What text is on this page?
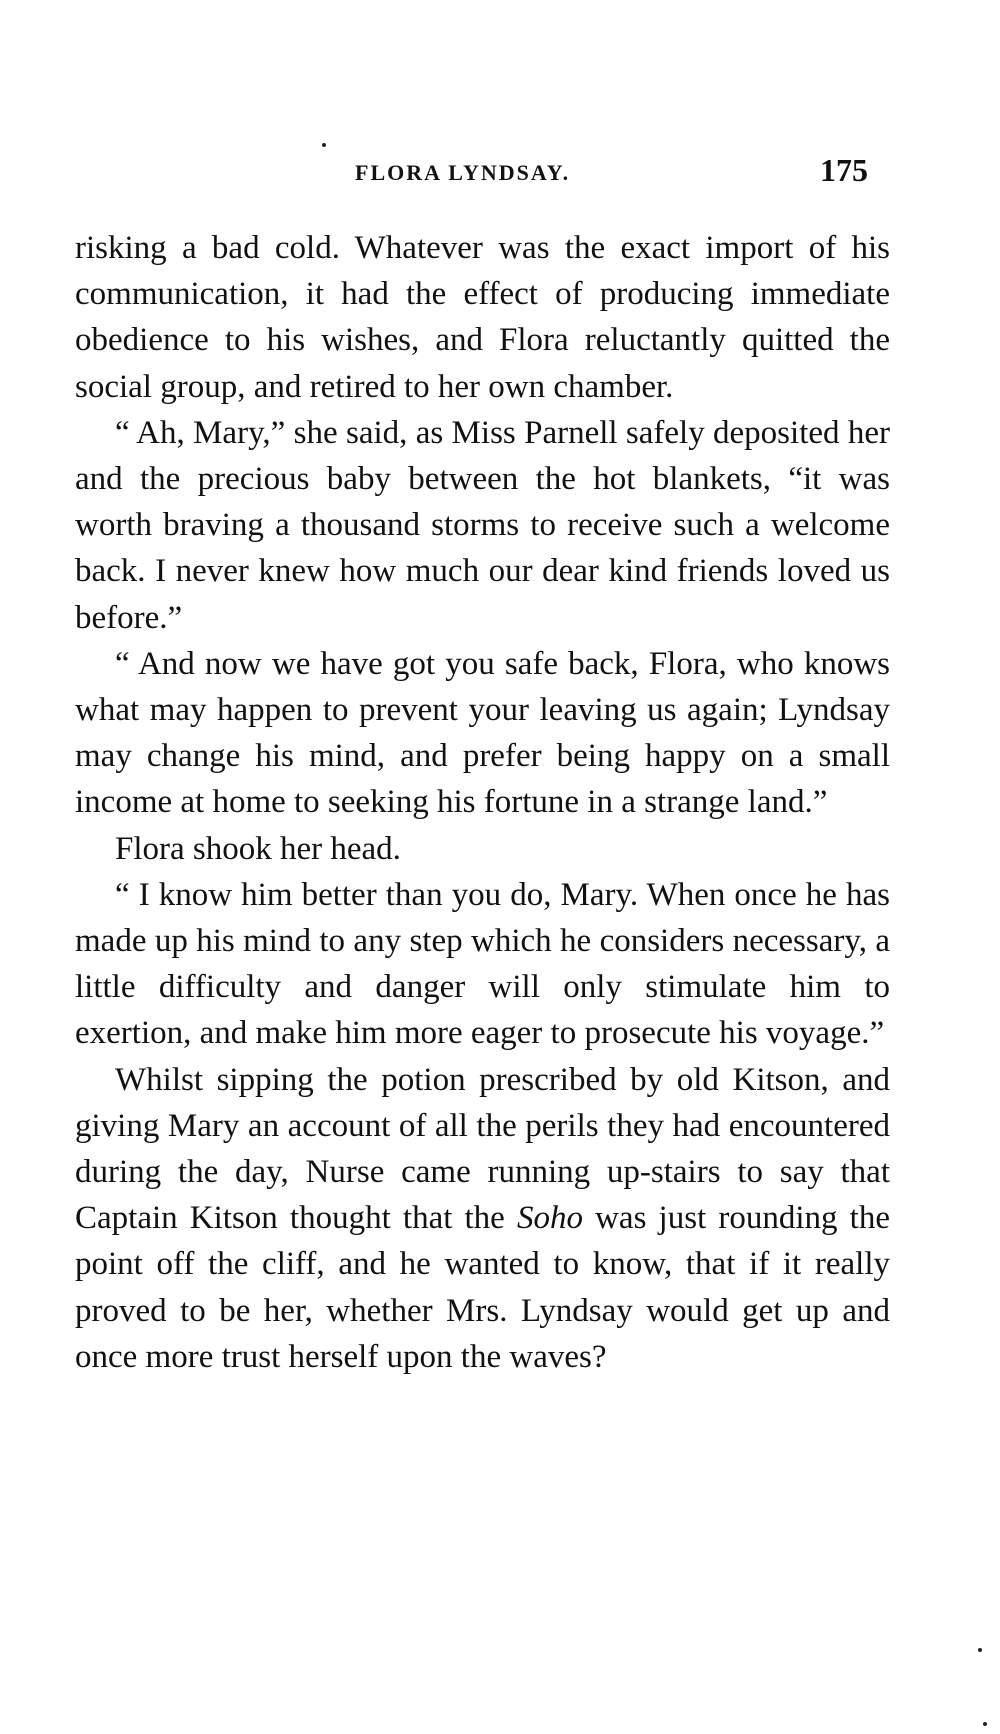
FLORA LYNDSAY.	175

risking a bad cold. Whatever was the exact import of his communication, it had the effect of producing immediate obedience to his wishes, and Flora reluctantly quitted the social group, and retired to her own chamber.

“ Ah, Mary,” she said, as Miss Parnell safely deposited her and the precious baby between the hot blankets, “it was worth braving a thousand storms to receive such a welcome back. I never knew how much our dear kind friends loved us before.”

“ And now we have got you safe back, Flora, who knows what may happen to prevent your leaving us again; Lyndsay may change his mind, and prefer being happy on a small income at home to seeking his fortune in a strange land.”

Flora shook her head.

“ I know him better than you do, Mary. When once he has made up his mind to any step which he considers necessary, a little difficulty and danger will only stimulate him to exertion, and make him more eager to prosecute his voyage.”

Whilst sipping the potion prescribed by old Kitson, and giving Mary an account of all the perils they had encountered during the day, Nurse came running up-stairs to say that Captain Kitson thought that the Soho was just rounding the point off the cliff, and he wanted to know, that if it really proved to be her, whether Mrs. Lyndsay would get up and once more trust herself upon the waves?
